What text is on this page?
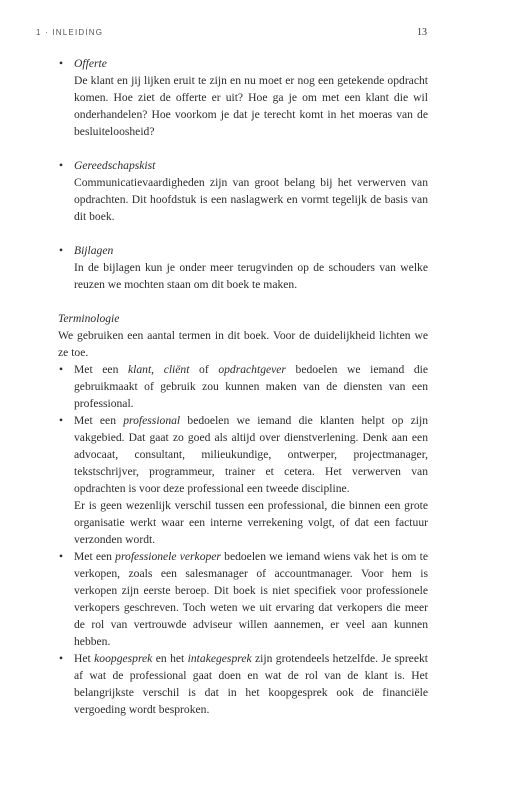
1 · INLEIDING	13
• Offerte
De klant en jij lijken eruit te zijn en nu moet er nog een getekende opdracht komen. Hoe ziet de offerte er uit? Hoe ga je om met een klant die wil onderhandelen? Hoe voorkom je dat je terecht komt in het moeras van de besluiteloosheid?
• Gereedschapskist
Communicatievaardigheden zijn van groot belang bij het verwerven van opdrachten. Dit hoofdstuk is een naslagwerk en vormt tegelijk de basis van dit boek.
• Bijlagen
In de bijlagen kun je onder meer terugvinden op de schouders van welke reuzen we mochten staan om dit boek te maken.
Terminologie
We gebruiken een aantal termen in dit boek. Voor de duidelijkheid lichten we ze toe.
• Met een klant, cliënt of opdrachtgever bedoelen we iemand die gebruikmaakt of gebruik zou kunnen maken van de diensten van een professional.
• Met een professional bedoelen we iemand die klanten helpt op zijn vakgebied. Dat gaat zo goed als altijd over dienstverlening. Denk aan een advocaat, consultant, milieukundige, ontwerper, projectmanager, tekstschrijver, programmeur, trainer et cetera. Het verwerven van opdrachten is voor deze professional een tweede discipline.
Er is geen wezenlijk verschil tussen een professional, die binnen een grote organisatie werkt waar een interne verrekening volgt, of dat een factuur verzonden wordt.
• Met een professionele verkoper bedoelen we iemand wiens vak het is om te verkopen, zoals een salesmanager of accountmanager. Voor hem is verkopen zijn eerste beroep. Dit boek is niet specifiek voor professionele verkopers geschreven. Toch weten we uit ervaring dat verkopers die meer de rol van vertrouwde adviseur willen aannemen, er veel aan kunnen hebben.
• Het koopgesprek en het intakegesprek zijn grotendeels hetzelfde. Je spreekt af wat de professional gaat doen en wat de rol van de klant is. Het belangrijkste verschil is dat in het koopgesprek ook de financiële vergoeding wordt besproken.
